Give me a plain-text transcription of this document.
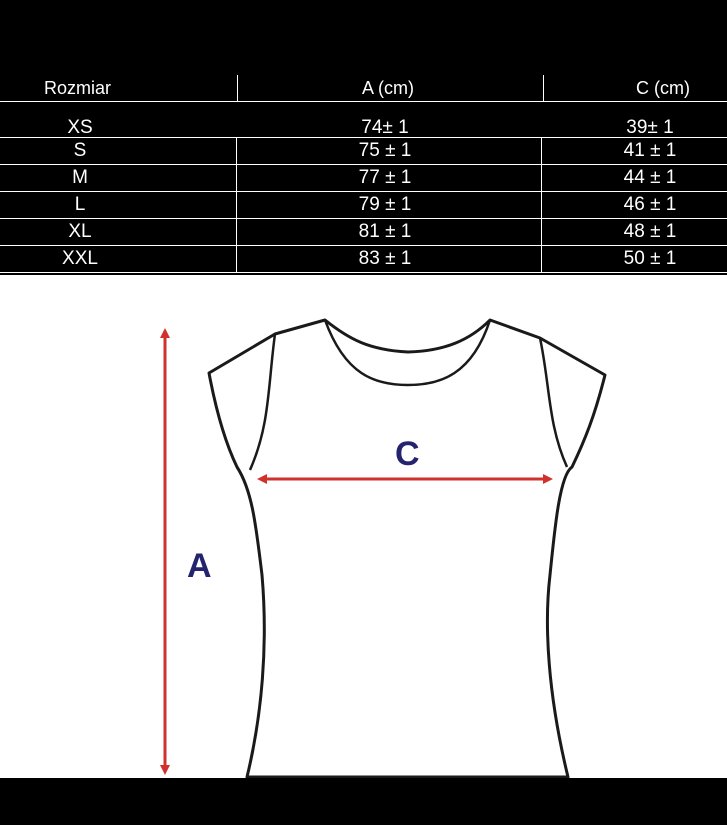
Rozmiar	A (cm)	C (cm)
XS	74± 1	39± 1
S	75 ± 1	41 ± 1
M	77 ± 1	44 ± 1
L	79 ± 1	46 ± 1
XL	81 ± 1	48 ± 1
XXL	83 ± 1	50 ± 1
A
C
